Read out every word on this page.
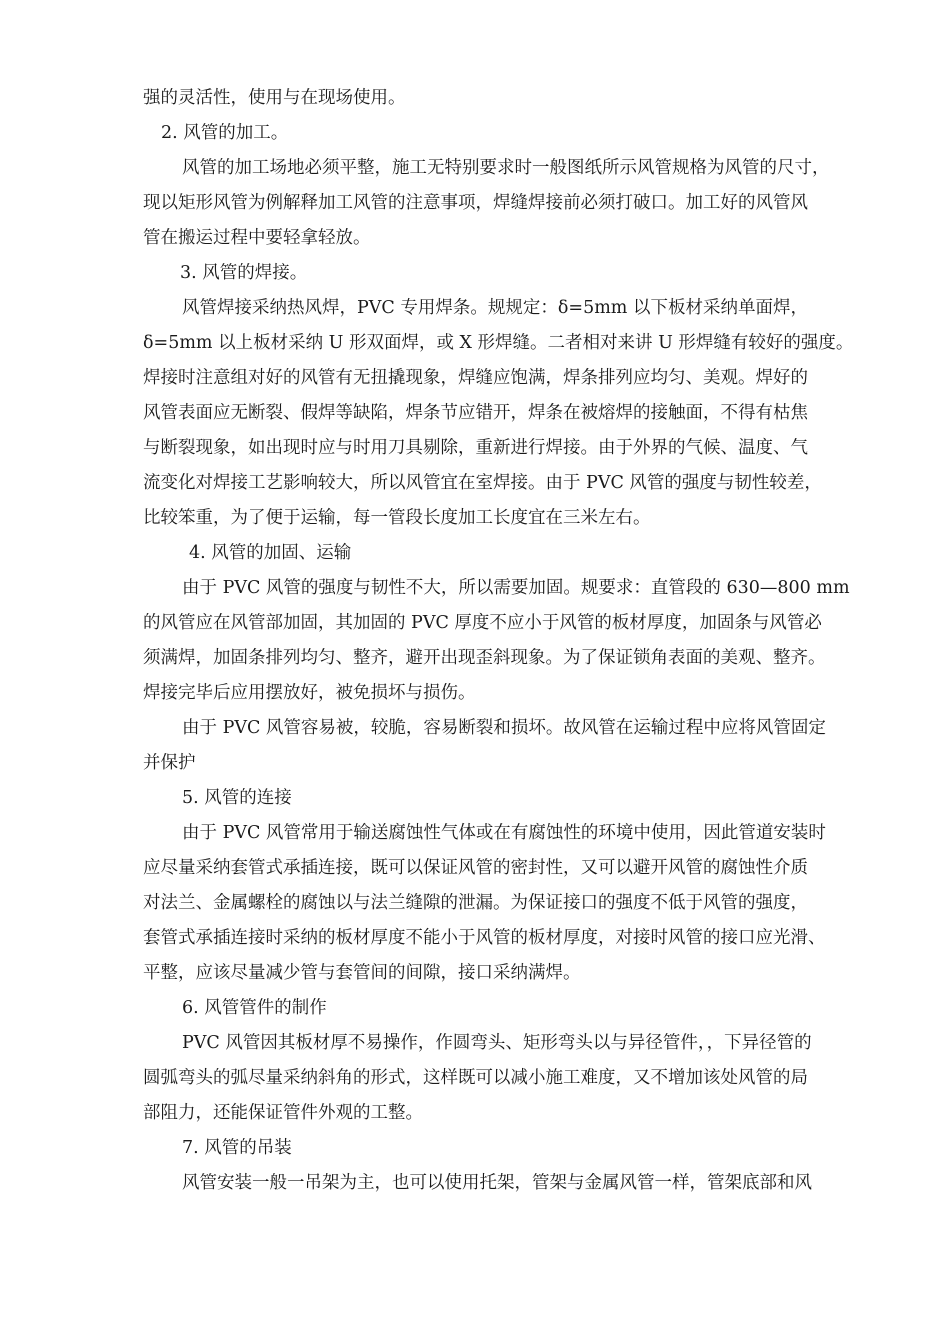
强的灵活性，使用与在现场使用。
2. 风管的加工。
风管的加工场地必须平整，施工无特别要求时一般图纸所示风管规格为风管的尺寸，
现以矩形风管为例解释加工风管的注意事项，焊缝焊接前必须打破口。加工好的风管风
管在搬运过程中要轻拿轻放。
3. 风管的焊接。
风管焊接采纳热风焊，PVC 专用焊条。规规定：δ=5mm 以下板材采纳单面焊，
δ=5mm 以上板材采纳 U 形双面焊，或 X 形焊缝。二者相对来讲 U 形焊缝有较好的强度。
焊接时注意组对好的风管有无扭撬现象，焊缝应饱满，焊条排列应均匀、美观。焊好的
风管表面应无断裂、假焊等缺陷，焊条节应错开，焊条在被熔焊的接触面，不得有枯焦
与断裂现象，如出现时应与时用刀具剔除，重新进行焊接。由于外界的气候、温度、气
流变化对焊接工艺影响较大，所以风管宜在室焊接。由于 PVC 风管的强度与韧性较差，
比较笨重，为了便于运输，每一管段长度加工长度宜在三米左右。
4. 风管的加固、运输
由于 PVC 风管的强度与韧性不大，所以需要加固。规要求：直管段的 630—800 mm
的风管应在风管部加固，其加固的 PVC 厚度不应小于风管的板材厚度，加固条与风管必
须满焊，加固条排列均匀、整齐，避开出现歪斜现象。为了保证锁角表面的美观、整齐。
焊接完毕后应用摆放好，被免损坏与损伤。
由于 PVC 风管容易被，较脆，容易断裂和损坏。故风管在运输过程中应将风管固定
并保护
5. 风管的连接
由于 PVC 风管常用于输送腐蚀性气体或在有腐蚀性的环境中使用，因此管道安装时
应尽量采纳套管式承插连接，既可以保证风管的密封性，又可以避开风管的腐蚀性介质
对法兰、金属螺栓的腐蚀以与法兰缝隙的泄漏。为保证接口的强度不低于风管的强度，
套管式承插连接时采纳的板材厚度不能小于风管的板材厚度，对接时风管的接口应光滑、
平整，应该尽量减少管与套管间的间隙，接口采纳满焊。
6. 风管管件的制作
PVC 风管因其板材厚不易操作，作圆弯头、矩形弯头以与异径管件，，下异径管的
圆弧弯头的弧尽量采纳斜角的形式，这样既可以减小施工难度，又不增加该处风管的局
部阻力，还能保证管件外观的工整。
7. 风管的吊装
风管安装一般一吊架为主，也可以使用托架，管架与金属风管一样，管架底部和风
